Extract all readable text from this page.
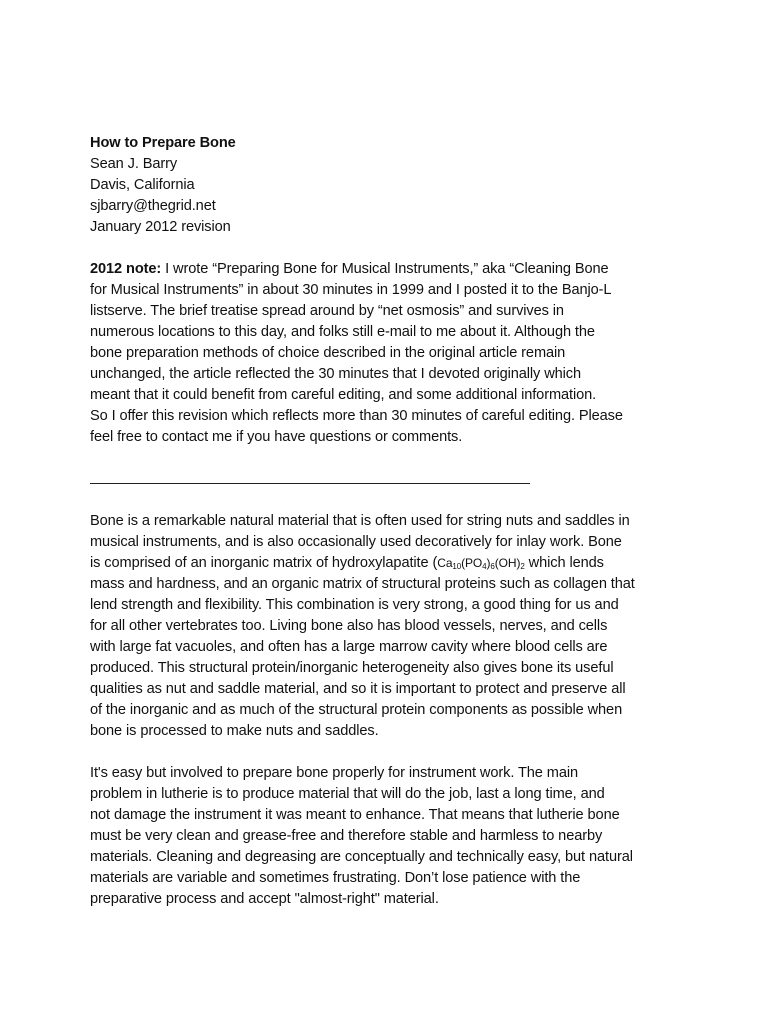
How to Prepare Bone
Sean J. Barry
Davis, California
sjbarry@thegrid.net
January 2012 revision
2012 note: I wrote “Preparing Bone for Musical Instruments,” aka “Cleaning Bone
for Musical Instruments” in about 30 minutes in 1999 and I posted it to the Banjo-L
listserve. The brief treatise spread around by “net osmosis” and survives in
numerous locations to this day, and folks still e-mail to me about it. Although the
bone preparation methods of choice described in the original article remain
unchanged, the article reflected the 30 minutes that I devoted originally which
meant that it could benefit from careful editing, and some additional information.
So I offer this revision which reflects more than 30 minutes of careful editing. Please
feel free to contact me if you have questions or comments.
Bone is a remarkable natural material that is often used for string nuts and saddles in
musical instruments, and is also occasionally used decoratively for inlay work. Bone
is comprised of an inorganic matrix of hydroxylapatite ($Ca_{10}(PO_4)_6(OH)_2$ which lends
mass and hardness, and an organic matrix of structural proteins such as collagen that
lend strength and flexibility. This combination is very strong, a good thing for us and
for all other vertebrates too. Living bone also has blood vessels, nerves, and cells
with large fat vacuoles, and often has a large marrow cavity where blood cells are
produced. This structural protein/inorganic heterogeneity also gives bone its useful
qualities as nut and saddle material, and so it is important to protect and preserve all
of the inorganic and as much of the structural protein components as possible when
bone is processed to make nuts and saddles.
It's easy but involved to prepare bone properly for instrument work. The main
problem in lutherie is to produce material that will do the job, last a long time, and
not damage the instrument it was meant to enhance. That means that lutherie bone
must be very clean and grease-free and therefore stable and harmless to nearby
materials. Cleaning and degreasing are conceptually and technically easy, but natural
materials are variable and sometimes frustrating. Don’t lose patience with the
preparative process and accept "almost-right" material.
